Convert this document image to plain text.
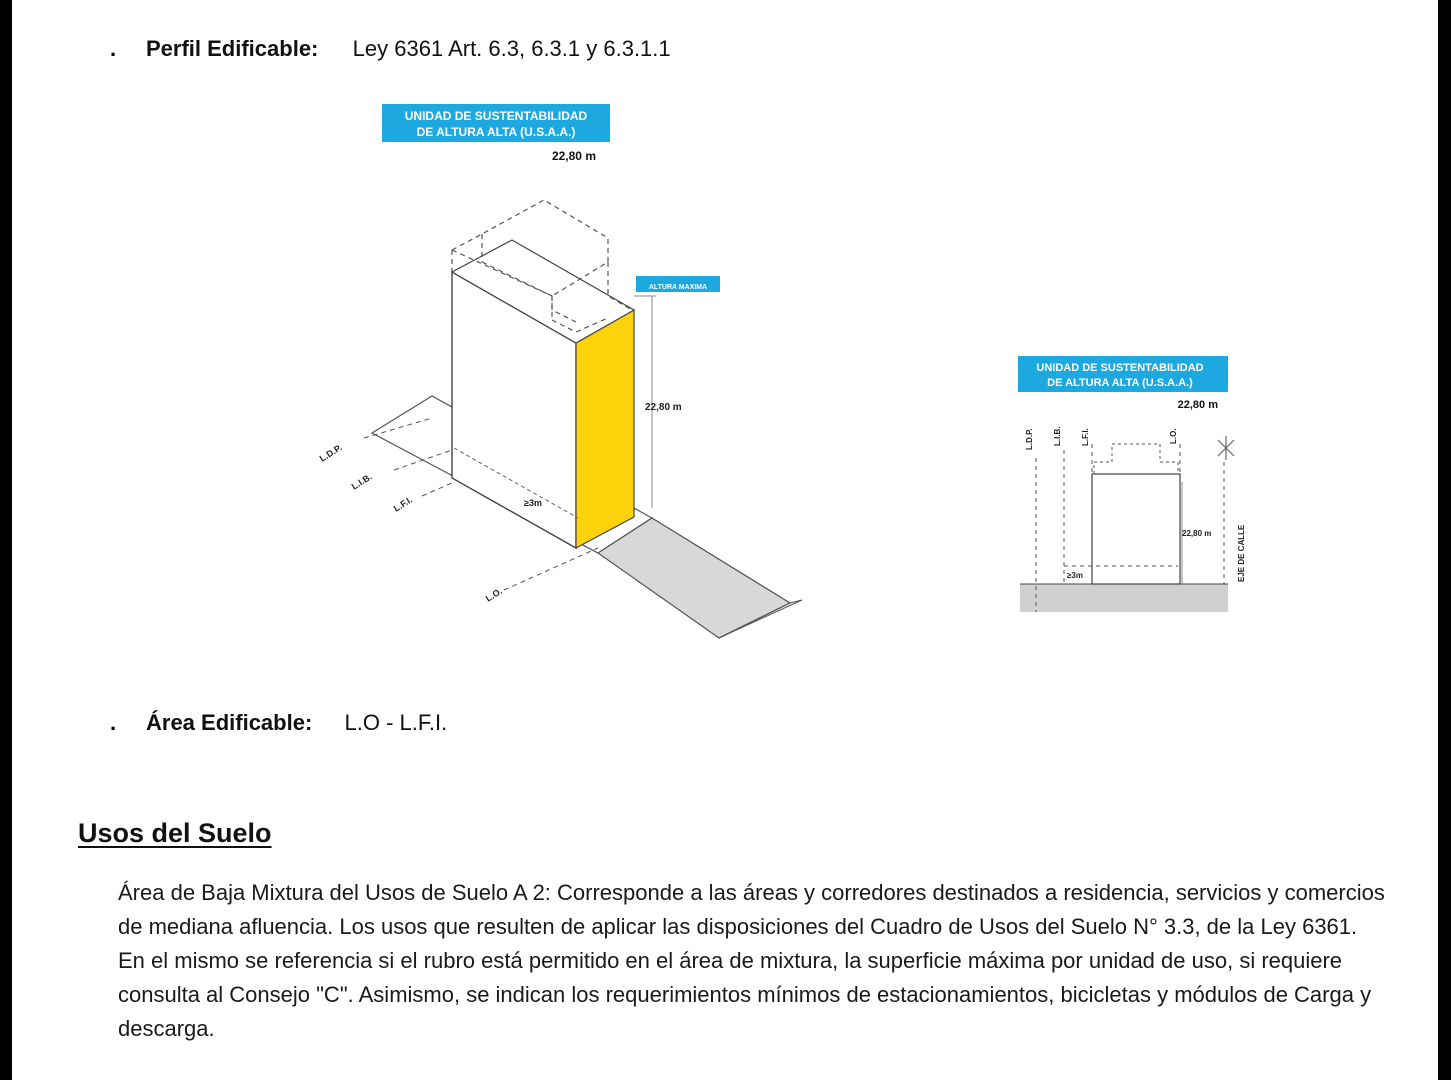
. Perfil Edificable: Ley 6361 Art. 6.3, 6.3.1 y 6.3.1.1
UNIDAD DE SUSTENTABILIDAD
DE ALTURA ALTA (U.S.A.A.)
22,80 m
≥3m
ALTURA MAXIMA
22,80 m
L.D.P.
L.I.B.
L.F.I.
L.O.
UNIDAD DE SUSTENTABILIDAD
DE ALTURA ALTA (U.S.A.A.)
22,80 m
22,80 m
≥3m
L.D.P. L.I.B. L.F.I.	L.O.
EJE DE CALLE
. Área Edificable: L.O - L.F.I.
Usos del Suelo

Área de Baja Mixtura del Usos de Suelo A 2: Corresponde a las áreas y corredores destinados a residencia, servicios y comercios de mediana afluencia. Los usos que resulten de aplicar las disposiciones del Cuadro de Usos del Suelo N° 3.3, de la Ley 6361. En el mismo se referencia si el rubro está permitido en el área de mixtura, la superficie máxima por unidad de uso, si requiere consulta al Consejo "C". Asimismo, se indican los requerimientos mínimos de estacionamientos, bicicletas y módulos de Carga y descarga.
